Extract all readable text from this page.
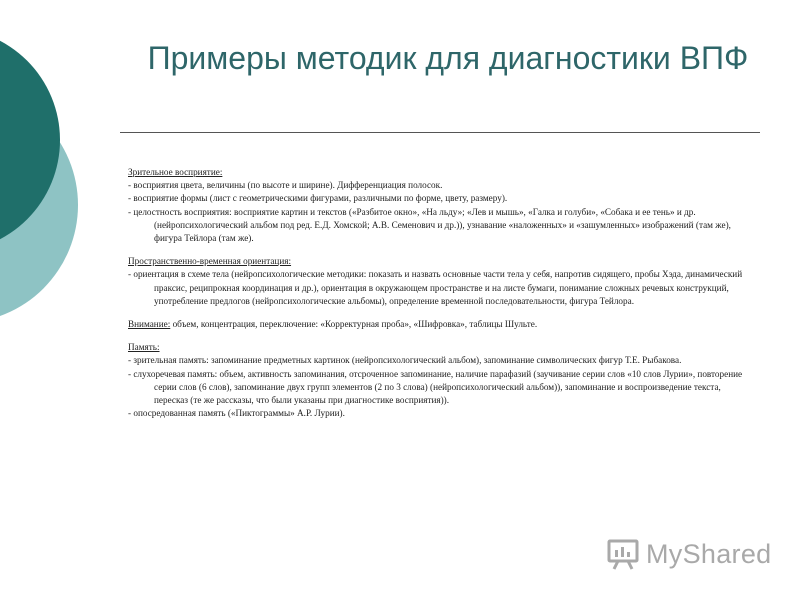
Примеры методик для диагностики ВПФ
Зрительное восприятие:

- восприятия цвета, величины (по высоте и ширине). Дифференциация полосок.

- восприятие формы (лист с геометрическими фигурами, различными по форме, цвету, размеру).

- целостность восприятия: восприятие картин и текстов («Разбитое окно», «На льду»; «Лев и мышь», «Галка и голуби», «Собака и ее тень» и др. (нейропсихологический альбом под ред. Е.Д. Хомской; А.В. Семенович и др.)), узнавание «наложенных» и «зашумленных» изображений (там же), фигура Тейлора (там же).

Пространственно-временная ориентация:

- ориентация в схеме тела (нейропсихологические методики: показать и назвать основные части тела у себя, напротив сидящего, пробы Хэда, динамический праксис, реципрокная координация и др.), ориентация в окружающем пространстве и на листе бумаги, понимание сложных речевых конструкций, употребление предлогов (нейропсихологические альбомы), определение временной последовательности, фигура Тейлора.

Внимание: объем, концентрация, переключение: «Корректурная проба», «Шифровка», таблицы Шульте.
Память:

- зрительная память: запоминание предметных картинок (нейропсихологический альбом), запоминание символических фигур Т.Е. Рыбакова.

- слухоречевая память: объем, активность запоминания, отсроченное запоминание, наличие парафазий (заучивание серии слов «10 слов Лурии», повторение серии слов (6 слов), запоминание двух групп элементов (2 по 3 слова) (нейропсихологический альбом)), запоминание и воспроизведение текста, пересказ (те же рассказы, что были указаны при диагностике восприятия)).

- опосредованная память («Пиктограммы» А.Р. Лурии).

MyShared
